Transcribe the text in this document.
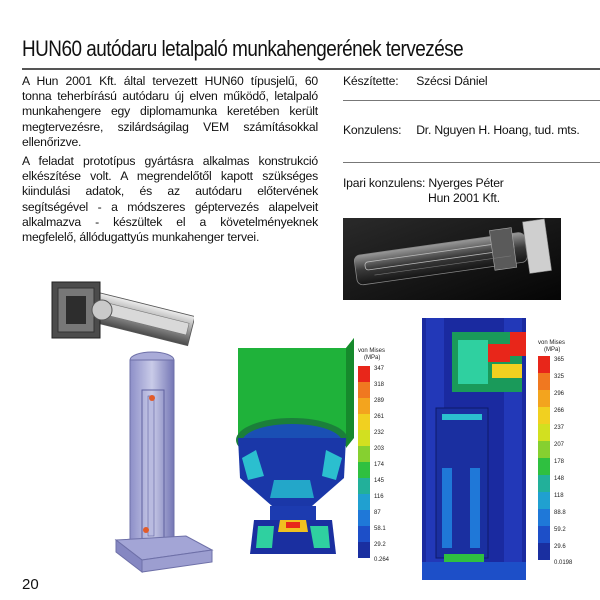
HUN60 autódaru letalpaló munkahengerének tervezése

A Hun 2001 Kft. által tervezett HUN60 típusjelű, 60 tonna teherbírású autódaru új elven működő, letalpaló munkahengere egy diplomamunka keretében került megtervezésre, szilárdságilag VEM számításokkal ellenőrizve.

A feladat prototípus gyártásra alkalmas konstrukció elkészítése volt. A megrendelőtől kapott szükséges kiindulási adatok, és az autódaru előtervének segítségével - a módszeres géptervezés alapelveit alkalmazva - készültek el a követelményeknek megfelelő, állódugattyús munkahenger tervei.

Készítette: Szécsi Dániel
Konzulens: Dr. Nguyen H. Hoang, tud. mts.
Ipari konzulens: Nyerges Péter
Hun 2001 Kft.
von Mises
(MPa)
347
318
289
261
232
203
174
145
116
87
58.1
29.2
0.264
von Mises
(MPa)
365
325
296
266
237
207
178
148
118
88.8
59.2
29.6
0.0198
20
